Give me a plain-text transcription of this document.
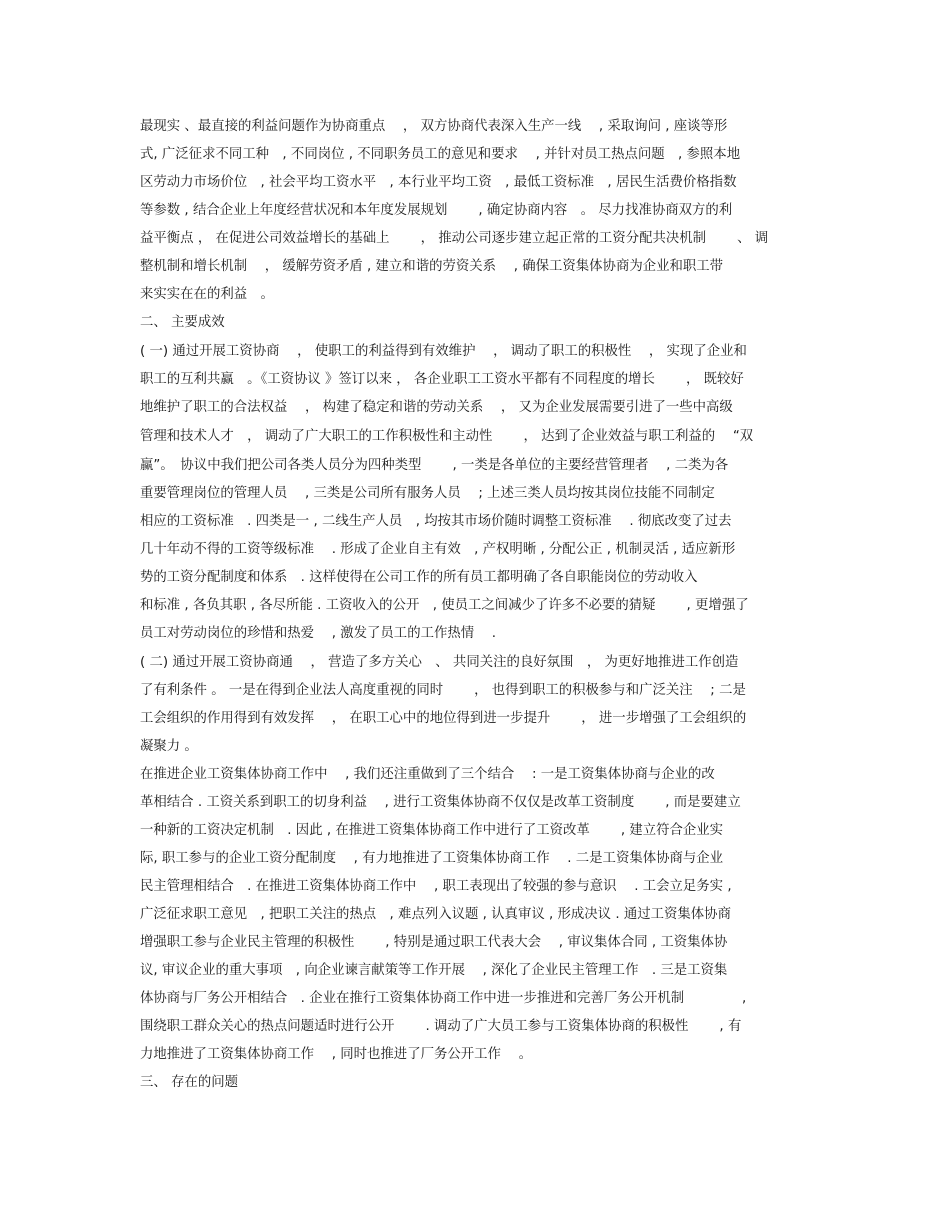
最现实 、最直接的利益问题作为协商重点　 ， 双方协商代表深入生产一线　 , 采取询问 , 座谈等形
式, 广泛征求不同工种　, 不同岗位 , 不同职务员工的意见和要求　 , 并针对员工热点问题　, 参照本地
区劳动力市场价位　, 社会平均工资水平　, 本行业平均工资　, 最低工资标准　, 居民生活费价格指数
等参数 , 结合企业上年度经营状况和本年度发展规划　　 , 确定协商内容　。 尽力找准协商双方的利
益平衡点 ， 在促进公司效益增长的基础上　　 ， 推动公司逐步建立起正常的工资分配共决机制　　 、 调
整机制和增长机制　 ， 缓解劳资矛盾 , 建立和谐的劳资关系　 , 确保工资集体协商为企业和职工带
来实实在在的利益　。
二、 主要成效
( 一) 通过开展工资协商　 ， 使职工的利益得到有效维护　 ， 调动了职工的积极性　 ， 实现了企业和
职工的互利共赢　。《工资协议 》签订以来 ， 各企业职工工资水平都有不同程度的增长　　 ， 既较好
地维护了职工的合法权益　 ， 构建了稳定和谐的劳动关系　 ， 又为企业发展需要引进了一些中高级
管理和技术人才　， 调动了广大职工的工作积极性和主动性　　 ， 达到了企业效益与职工利益的　 “双
赢”。　协议中我们把公司各类人员分为四种类型　　 , 一类是各单位的主要经营管理者　 , 二类为各
重要管理岗位的管理人员　 , 三类是公司所有服务人员　 ; 上述三类人员均按其岗位技能不同制定
相应的工资标准　. 四类是一 , 二线生产人员　, 均按其市场价随时调整工资标准　 . 彻底改变了过去
几十年动不得的工资等级标准　 . 形成了企业自主有效　, 产权明晰 , 分配公正 , 机制灵活 , 适应新形
势的工资分配制度和体系　. 这样使得在公司工作的所有员工都明确了各自职能岗位的劳动收入
和标准 , 各负其职 , 各尽所能 . 工资收入的公开　, 使员工之间减少了许多不必要的猜疑　　 , 更增强了
员工对劳动岗位的珍惜和热爱　 , 激发了员工的工作热情　 .
( 二) 通过开展工资协商通　 ， 营造了多方关心　、 共同关注的良好氛围　， 为更好地推进工作创造
了有利条件 。 一是在得到企业法人高度重视的同时　　 ， 也得到职工的积极参与和广泛关注　 ; 二是
工会组织的作用得到有效发挥　 ， 在职工心中的地位得到进一步提升　　 ， 进一步增强了工会组织的
凝聚力 。
在推进企业工资集体协商工作中　 , 我们还注重做到了三个结合　 : 一是工资集体协商与企业的改
革相结合 . 工资关系到职工的切身利益　 , 进行工资集体协商不仅仅是改革工资制度　　 , 而是要建立
一种新的工资决定机制　. 因此 , 在推进工资集体协商工作中进行了工资改革　　 , 建立符合企业实
际, 职工参与的企业工资分配制度　 , 有力地推进了工资集体协商工作　 . 二是工资集体协商与企业
民主管理相结合　. 在推进工资集体协商工作中　 , 职工表现出了较强的参与意识　 . 工会立足务实 ,
广泛征求职工意见　, 把职工关注的热点　, 难点列入议题 , 认真审议 , 形成决议 . 通过工资集体协商
增强职工参与企业民主管理的积极性　　 , 特别是通过职工代表大会　 , 审议集体合同 , 工资集体协
议, 审议企业的重大事项　, 向企业谏言献策等工作开展　 , 深化了企业民主管理工作　. 三是工资集
体协商与厂务公开相结合　. 企业在推行工资集体协商工作中进一步推进和完善厂务公开机制　　　　 ,
围绕职工群众关心的热点问题适时进行公开　　 . 调动了广大员工参与工资集体协商的积极性　　 , 有
力地推进了工资集体协商工作　 , 同时也推进了厂务公开工作　 。
三、 存在的问题
